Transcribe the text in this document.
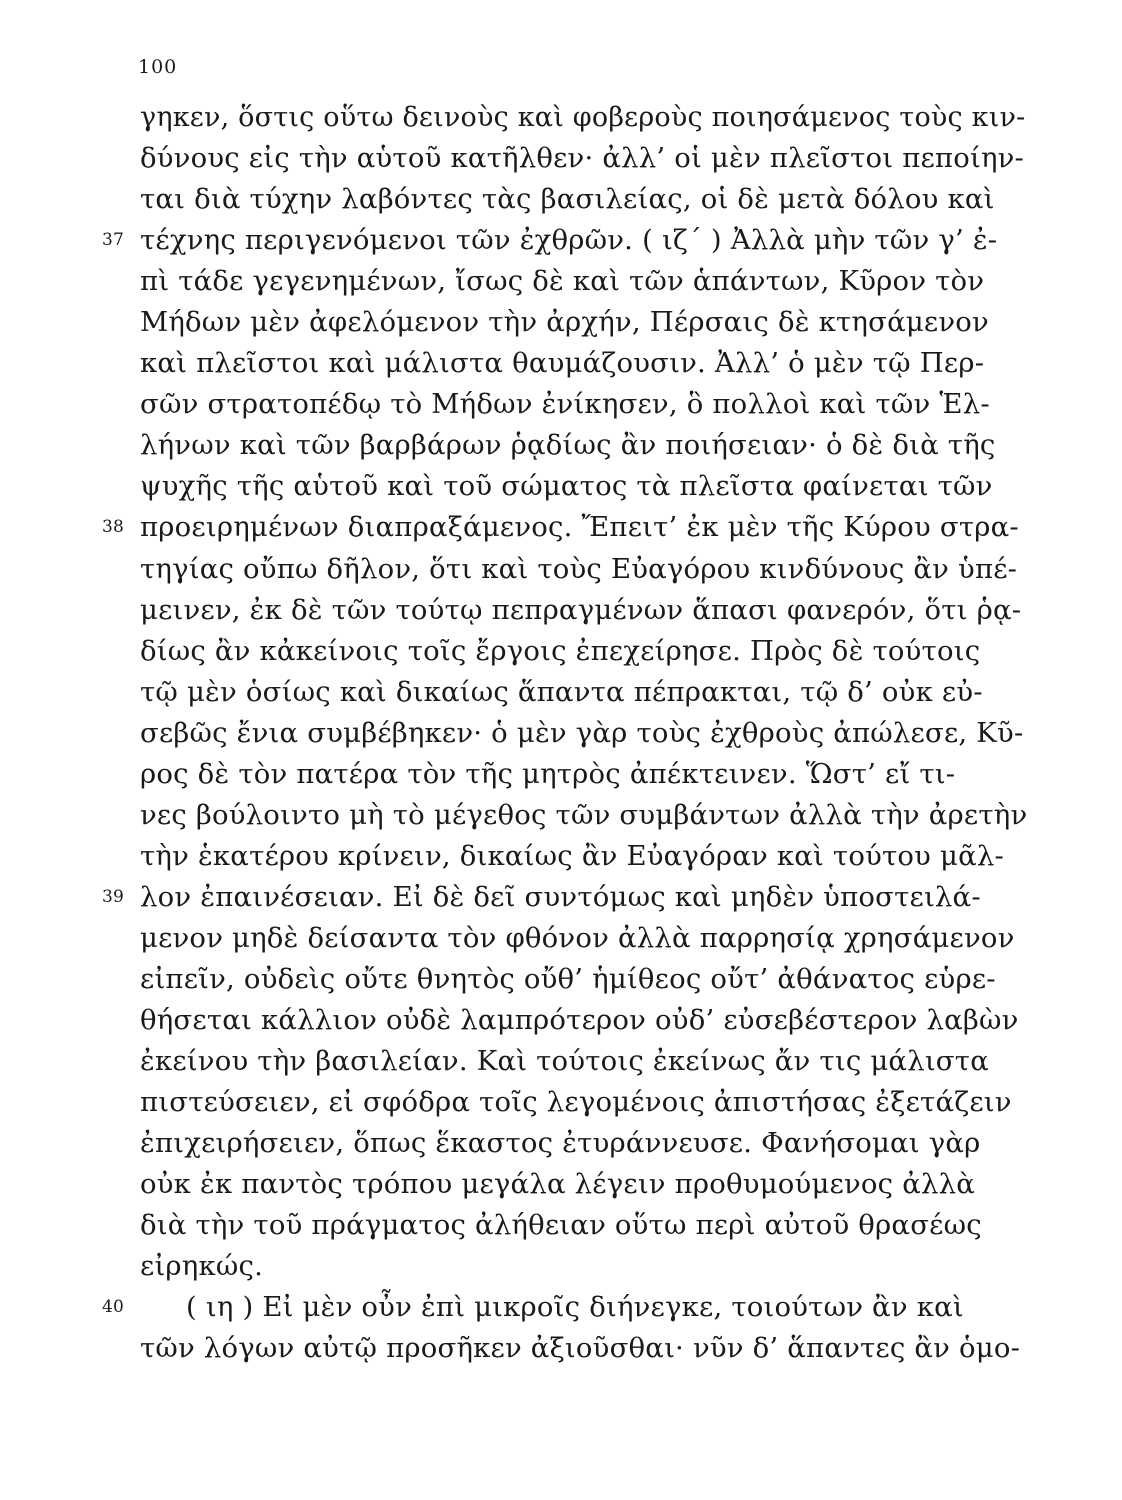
100
γηκεν, ὅστις οὕτω δεινοὺς καὶ φοβεροὺς ποιησάμενος τοὺς κιν-
δύνους εἰς τὴν αὑτοῦ κατῆλθεν· ἀλλ’ οἱ μὲν πλεῖστοι πεποίην-
ται διὰ τύχην λαβόντες τὰς βασιλείας, οἱ δὲ μετὰ δόλου καὶ
37 τέχνης περιγενόμενοι τῶν ἐχθρῶν. ( ιζ΄ ) Ἀλλὰ μὴν τῶν γ’ ἐ-
πὶ τάδε γεγενημένων, ἴσως δὲ καὶ τῶν ἁπάντων, Κῦρον τὸν
Μήδων μὲν ἀφελόμενον τὴν ἀρχήν, Πέρσαις δὲ κτησάμενον
καὶ πλεῖστοι καὶ μάλιστα θαυμάζουσιν. Ἀλλ’ ὁ μὲν τῷ Περ-
σῶν στρατοπέδῳ τὸ Μήδων ἐνίκησεν, ὃ πολλοὶ καὶ τῶν Ἑλ-
λήνων καὶ τῶν βαρβάρων ῥᾳδίως ἂν ποιήσειαν· ὁ δὲ διὰ τῆς
ψυχῆς τῆς αὑτοῦ καὶ τοῦ σώματος τὰ πλεῖστα φαίνεται τῶν
38 προειρημένων διαπραξάμενος. Ἔπειτ’ ἐκ μὲν τῆς Κύρου στρα-
τηγίας οὔπω δῆλον, ὅτι καὶ τοὺς Εὐαγόρου κινδύνους ἂν ὑπέ-
μεινεν, ἐκ δὲ τῶν τούτῳ πεπραγμένων ἅπασι φανερόν, ὅτι ῥᾳ-
δίως ἂν κἀκείνοις τοῖς ἔργοις ἐπεχείρησε. Πρὸς δὲ τούτοις
τῷ μὲν ὁσίως καὶ δικαίως ἅπαντα πέπρακται, τῷ δ’ οὐκ εὐ-
σεβῶς ἔνια συμβέβηκεν· ὁ μὲν γὰρ τοὺς ἐχθροὺς ἀπώλεσε, Κῦ-
ρος δὲ τὸν πατέρα τὸν τῆς μητρὸς ἀπέκτεινεν. Ὥστ’ εἴ τι-
νες βούλοιντο μὴ τὸ μέγεθος τῶν συμβάντων ἀλλὰ τὴν ἀρετὴν
τὴν ἑκατέρου κρίνειν, δικαίως ἂν Εὐαγόραν καὶ τούτου μᾶλ-
39 λον ἐπαινέσειαν. Εἰ δὲ δεῖ συντόμως καὶ μηδὲν ὑποστειλά-
μενον μηδὲ δείσαντα τὸν φθόνον ἀλλὰ παρρησίᾳ χρησάμενον
εἰπεῖν, οὐδεὶς οὔτε θνητὸς οὔθ’ ἡμίθεος οὔτ’ ἀθάνατος εὑρε-
θήσεται κάλλιον οὐδὲ λαμπρότερον οὐδ’ εὐσεβέστερον λαβὼν
ἐκείνου τὴν βασιλείαν. Καὶ τούτοις ἐκείνως ἄν τις μάλιστα
πιστεύσειεν, εἰ σφόδρα τοῖς λεγομένοις ἀπιστήσας ἐξετάζειν
ἐπιχειρήσειεν, ὅπως ἕκαστος ἐτυράννευσε. Φανήσομαι γὰρ
οὐκ ἐκ παντὸς τρόπου μεγάλα λέγειν προθυμούμενος ἀλλὰ
διὰ τὴν τοῦ πράγματος ἀλήθειαν οὕτω περὶ αὐτοῦ θρασέως
εἰρηκώς.
40 ( ιη ) Εἰ μὲν οὖν ἐπὶ μικροῖς διήνεγκε, τοιούτων ἂν καὶ
τῶν λόγων αὐτῷ προσῆκεν ἀξιοῦσθαι· νῦν δ’ ἅπαντες ἂν ὁμο-
